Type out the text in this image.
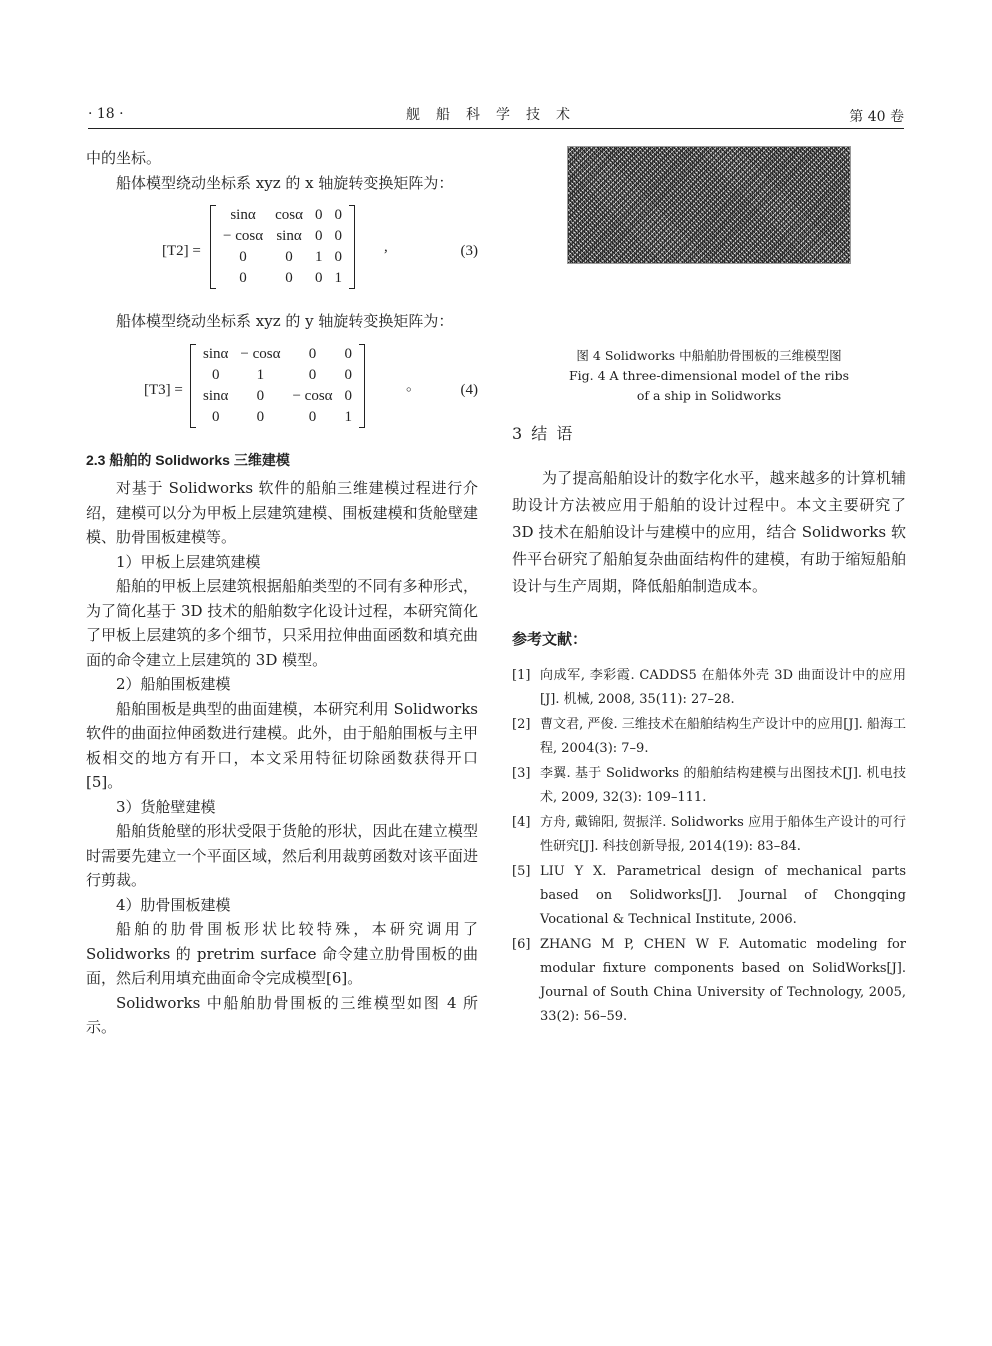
· 18 ·	舰船科学技术	第 40 卷

中的坐标。

船体模型绕动坐标系 xyz 的 x 轴旋转变换矩阵为：

[T2] =
sinα	cosα	0	0
− cosα	sinα	0	0
0	0	1	0
0	0	0	1
,	(3)

船体模型绕动坐标系 xyz 的 y 轴旋转变换矩阵为：

[T3] =
sinα	− cosα	0	0
0	1	0	0
sinα	0	− cosα	0
0	0	0	1
。	(4)
2.3 船舶的 Solidworks 三维建模

对基于 Solidworks 软件的船舶三维建模过程进行介绍，建模可以分为甲板上层建筑建模、围板建模和货舱壁建模、肋骨围板建模等。

1）甲板上层建筑建模

船舶的甲板上层建筑根据船舶类型的不同有多种形式，为了简化基于 3D 技术的船舶数字化设计过程，本研究简化了甲板上层建筑的多个细节，只采用拉伸曲面函数和填充曲面的命令建立上层建筑的 3D 模型。

2）船舶围板建模

船舶围板是典型的曲面建模，本研究利用 Solidworks 软件的曲面拉伸函数进行建模。此外，由于船舶围板与主甲板相交的地方有开口，本文采用特征切除函数获得开口[5]。

3）货舱壁建模

船舶货舱壁的形状受限于货舱的形状，因此在建立模型时需要先建立一个平面区域，然后利用裁剪函数对该平面进行剪裁。

4）肋骨围板建模

船舶的肋骨围板形状比较特殊，本研究调用了 Solidworks 的 pretrim surface 命令建立肋骨围板的曲面，然后利用填充曲面命令完成模型[6]。

Solidworks 中船舶肋骨围板的三维模型如图 4 所示。

图 4 Solidworks 中船舶肋骨围板的三维模型图
Fig. 4 A three-dimensional model of the ribs
of a ship in Solidworks
3 结 语

为了提高船舶设计的数字化水平，越来越多的计算机辅助设计方法被应用于船舶的设计过程中。本文主要研究了 3D 技术在船舶设计与建模中的应用，结合 Solidworks 软件平台研究了船舶复杂曲面结构件的建模，有助于缩短船舶设计与生产周期，降低船舶制造成本。

参考文献：
[1] 向成军, 李彩霞. CADDS5 在船体外壳 3D 曲面设计中的应用[J]. 机械, 2008, 35(11): 27–28.
[2] 曹文君, 严俊. 三维技术在船舶结构生产设计中的应用[J]. 船海工程, 2004(3): 7–9.
[3] 李翼. 基于 Solidworks 的船舶结构建模与出图技术[J]. 机电技术, 2009, 32(3): 109–111.
[4] 方舟, 戴锦阳, 贺振洋. Solidworks 应用于船体生产设计的可行性研究[J]. 科技创新导报, 2014(19): 83–84.
[5] LIU Y X. Parametrical design of mechanical parts based on Solidworks[J]. Journal of Chongqing Vocational & Technical Institute, 2006.
[6] ZHANG M P, CHEN W F. Automatic modeling for modular fixture components based on SolidWorks[J]. Journal of South China University of Technology, 2005, 33(2): 56–59.
